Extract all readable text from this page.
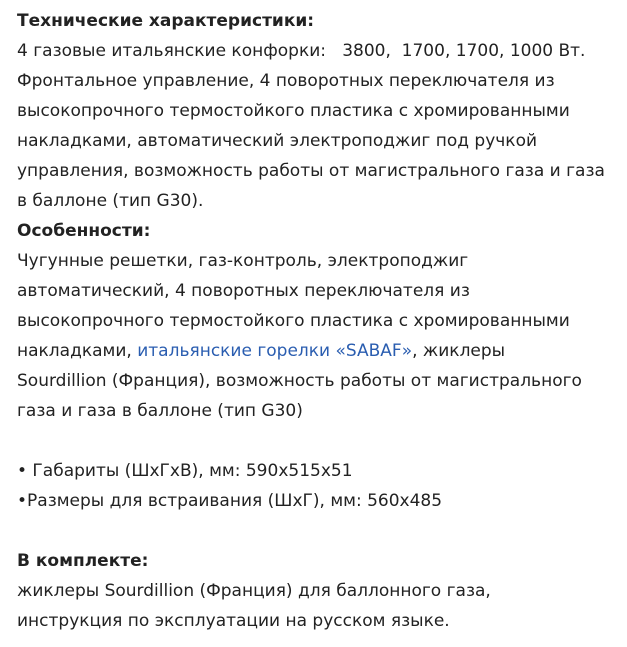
Технические характеристики:
4 газовые итальянские конфорки:   3800,  1700, 1700, 1000 Вт.
Фронтальное управление, 4 поворотных переключателя из
высокопрочного термостойкого пластика с хромированными
накладками, автоматический электроподжиг под ручкой
управления, возможность работы от магистрального газа и газа
в баллоне (тип G30).
Особенности:
Чугунные решетки, газ-контроль, электроподжиг
автоматический, 4 поворотных переключателя из
высокопрочного термостойкого пластика с хромированными
накладками, итальянские горелки «SABAF», жиклеры
Sourdillion (Франция), возможность работы от магистрального
газа и газа в баллоне (тип G30)
• Габариты (ШхГхВ), мм: 590x515x51
•Размеры для встраивания (ШхГ), мм: 560x485
В комплекте:
жиклеры Sourdillion (Франция) для баллонного газа,
инструкция по эксплуатации на русском языке.
